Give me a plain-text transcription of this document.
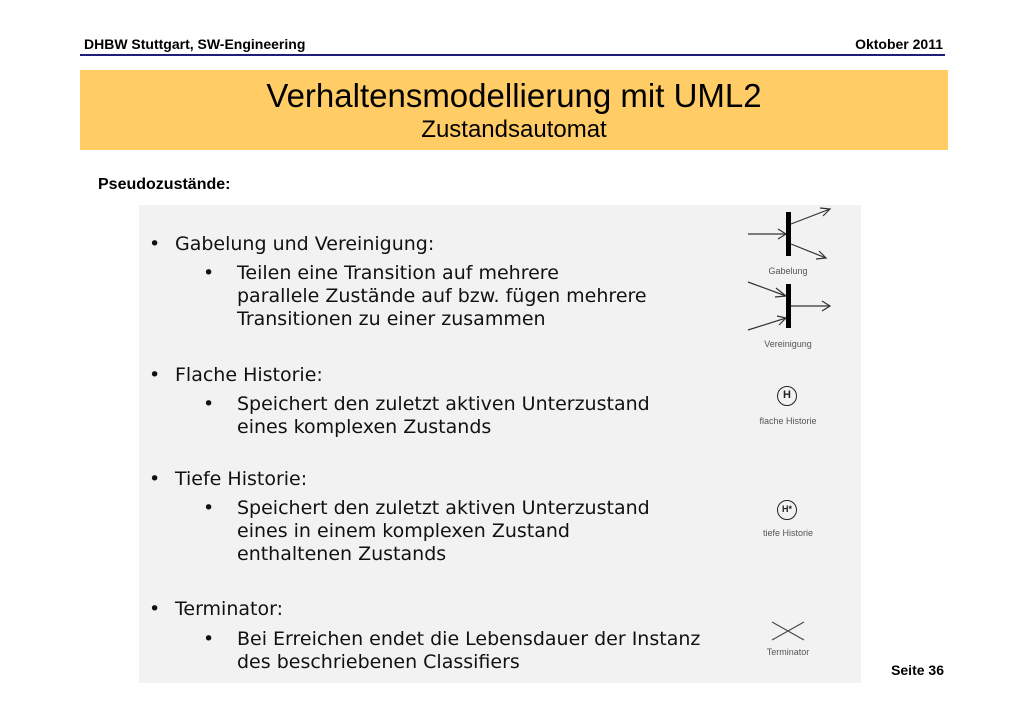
DHBW Stuttgart, SW-Engineering	Oktober 2011
Verhaltensmodellierung mit UML2
Zustandsautomat
Pseudozustände:
• Gabelung und Vereinigung:
• Teilen eine Transition auf mehrere
parallele Zustände auf bzw. fügen mehrere
Transitionen zu einer zusammen
• Flache Historie:
• Speichert den zuletzt aktiven Unterzustand
eines komplexen Zustands
• Tiefe Historie:
• Speichert den zuletzt aktiven Unterzustand
eines in einem komplexen Zustand
enthaltenen Zustands
• Terminator:
• Bei Erreichen endet die Lebensdauer der Instanz
des beschriebenen Classifiers
Gabelung
Vereinigung
H
flache Historie
H*
tiefe Historie
Terminator
Seite 36
